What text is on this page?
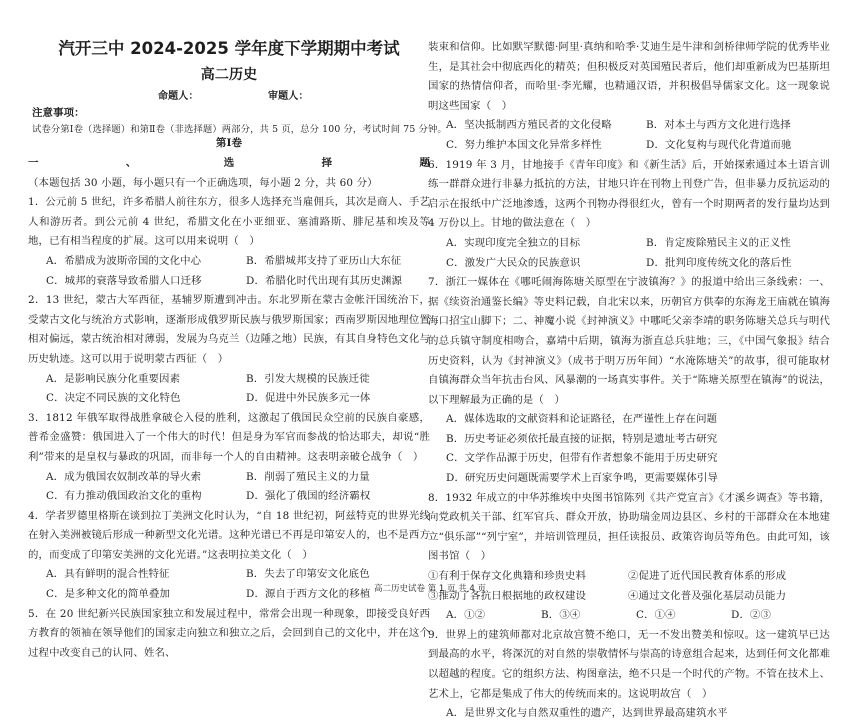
汽开三中 2024-2025 学年度下学期期中考试
高二历史
命题人：	审题人：
注意事项：
试卷分第Ⅰ卷（选择题）和第Ⅱ卷（非选择题）两部分，共 5 页，总分 100 分，考试时间 75 分钟。
第Ⅰ卷

一、选择题（本题包括 30 小题，每小题只有一个正确选项，每小题 2 分，共 60 分）

1．公元前 5 世纪，许多希腊人前往东方，很多人选择充当雇佣兵，其次是商人、手艺人和游历者。到公元前 4 世纪，希腊文化在小亚细亚、塞浦路斯、腓尼基和埃及等地，已有相当程度的扩展。这可以用来说明（　）

A．希腊成为波斯帝国的文化中心	B．希腊城邦支持了亚历山大东征
C．城邦的衰落导致希腊人口迁移	D．希腊化时代出现有其历史渊源

2．13 世纪，蒙古大军西征，基辅罗斯遭到冲击。东北罗斯在蒙古金帐汗国统治下，受蒙古文化与统治方式影响，逐渐形成俄罗斯民族与俄罗斯国家；西南罗斯因地理位置相对偏远，蒙古统治相对薄弱，发展为乌克兰（边陲之地）民族，有其自身特色文化与历史轨迹。这可以用于说明蒙古西征（　）

A．是影响民族分化重要因素	B．引发大规模的民族迁徙
C．决定不同民族的文化特色	D．促进中外民族多元一体

3．1812 年俄军取得战胜拿破仑入侵的胜利，这激起了俄国民众空前的民族自豪感，普希金盛赞：俄国进入了一个伟大的时代！但是身为军官而参战的恰达耶夫，却说“胜利”带来的是皇权与暴政的巩固，而非每一个人的自由精神。这表明亲破仑战争（　）

A．成为俄国农奴制改革的导火索	B．削弱了殖民主义的力量
C．有力推动俄国政治文化的重构	D．强化了俄国的经济霸权

4．学者罗德里格斯在谈到拉丁美洲文化时认为，“自 18 世纪初，阿兹特克的世界光线在射入美洲被镜后形成一种新型文化光谱。这种光谱已不再是印第安人的，也不是西方的，而变成了印第安美洲的文化光谱。”这表明拉美文化（　）

A．具有鲜明的混合性特征	B．失去了印第安文化底色
C．是多种文化的简单叠加	D．源自于西方文化的移植

5．在 20 世纪新兴民族国家独立和发展过程中，常常会出现一种现象，即接受良好西方教育的领袖在领导他们的国家走向独立和独立之后，会回到自己的文化中，并在这个过程中改变自己的认同、姓名、

装束和信仰。比如默罕默德·阿里·真纳和哈季·艾迪生是牛津和剑桥律师学院的优秀毕业生，是其社会中彻底西化的精英；但积极反对英国殖民者后，他们却重新成为巴基斯坦国家的热情信仰者，而哈里·李光耀，也精通汉语，并积极倡导儒家文化。这一现象说明这些国家（　）

A．坚决抵制西方殖民者的文化侵略	B．对本土与西方文化进行选择
C．努力维护本国文化异常多样性	D．文化复构与现代化背道而驰

6．1919 年 3 月，甘地接手《青年印度》和《新生活》后，开始探索通过本土语言训练一群群众进行非暴力抵抗的方法，甘地只许在刊物上刊登广告，但非暴力反抗运动的启示在报纸中广泛地渗透，这两个刊物办得很红火，曾有一个时期两者的发行量均达到 4 万份以上。甘地的做法意在（　）

A．实现印度完全独立的目标	B．肯定废除殖民主义的正义性
C．激发广大民众的民族意识	D．批判印度传统文化的落后性

7．浙江一媒体在《哪吒闹海陈塘关原型在宁波镇海？》的报道中给出三条线索：一、据《续资治通鉴长编》等史料记载，自北宋以来，历朝官方供奉的东海龙王庙就在镇海海口招宝山脚下；二、神魔小说《封神演义》中哪吒父亲李靖的职务陈塘关总兵与明代的总兵镇守制度相吻合，嘉靖中后期，镇海为浙直总兵驻地；三，《中国气象报》结合历史资料，认为《封神演义》（成书于明万历年间）“水淹陈塘关”的故事，很可能取材自镇海群众当年抗击台风、风暴潮的一场真实事件。关于“陈塘关原型在镇海”的说法，以下理解最为正确的是（　）

A．媒体选取的文献资料和论证路径，在严谨性上存在问题

B．历史考证必须依托最直接的证据，特别是遗址考古研究

C．文学作品源于历史，但带有作者想象不能用于历史研究

D．研究历史问题既需要学术上百家争鸣，更需要媒体引导

8．1932 年成立的中华苏维埃中央图书馆陈列《共产党宣言》《才溪乡调查》等书籍，向党政机关干部、红军官兵、群众开放，协助瑞金周边县区、乡村的干部群众在本地建立“俱乐部”“列宁室”，并培训管理员，担任读报员、政策咨询员等角色。由此可知，该图书馆（　）

①有利于保存文化典籍和珍贵史料	②促进了近代国民教育体系的形成
③推动了各抗日根据地的政权建设	④通过文化普及强化基层动员能力
A．①②	B．③④	C．①④	D．②③

9．世界上的建筑师都对北京故宫赞不绝口，无一不发出赞美和惊叹。这一建筑早已达到最高的水平，将深沉的对自然的崇敬情怀与崇高的诗意组合起来，达到任何文化都难以超越的程度。它的组织方法、构图章法，绝不只是一个时代的产物。不管在技术上、艺术上，它都是集成了伟大的传统而来的。这说明故宫（　）

A．是世界文化与自然双重性的遗产，达到世界最高建筑水平

高二历史试卷 第 1 页 共 4 页
